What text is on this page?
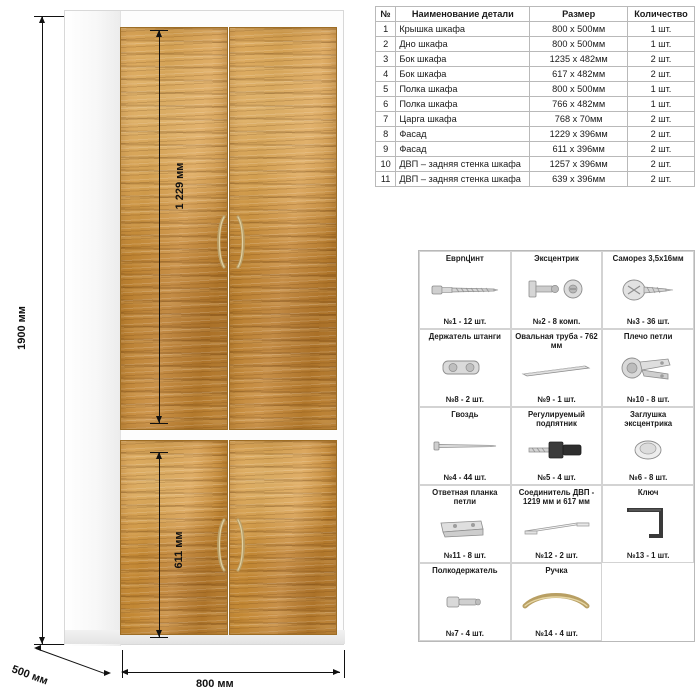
1900 мм
1 229 мм
611 мм
500 мм	800 мм
№	Наименование детали	Размер	Количество
1	Крышка шкафа	800 x 500мм	1 шт.
2	Дно шкафа	800 x 500мм	1 шт.
3	Бок шкафа	1235 x 482мм	2 шт.
4	Бок шкафа	617 x 482мм	2 шт.
5	Полка шкафа	800 x 500мм	1 шт.
6	Полка шкафа	766 x 482мм	1 шт.
7	Царга шкафа	768 x 70мм	2 шт.
8	Фасад	1229 x 396мм	2 шт.
9	Фасад	611 x 396мм	2 шт.
10	ДВП – задняя стенка шкафа	1257 x 396мм	2 шт.
11	ДВП – задняя стенка шкафа	639 x 396мм	2 шт.
Еврովинт
№1 - 12 шт.
Эксцентрик
№2 - 8 комп.
Саморез 3,5х16мм
№3 - 36 шт.
Держатель штанги
№8 - 2 шт.
Овальная труба - 762 мм
№9 - 1 шт.
Плечо петли
№10 - 8 шт.
Гвоздь
№4 - 44 шт.
Регулируемый подпятник
№5 - 4 шт.
Заглушка эксцентрика
№6 - 8 шт.
Ответная планка петли
№11 - 8 шт.
Соединитель ДВП - 1219 мм и 617 мм
№12 - 2 шт.
Ключ
№13 - 1 шт.
Полкодержатель
№7 - 4 шт.
Ручка
№14 - 4 шт.
